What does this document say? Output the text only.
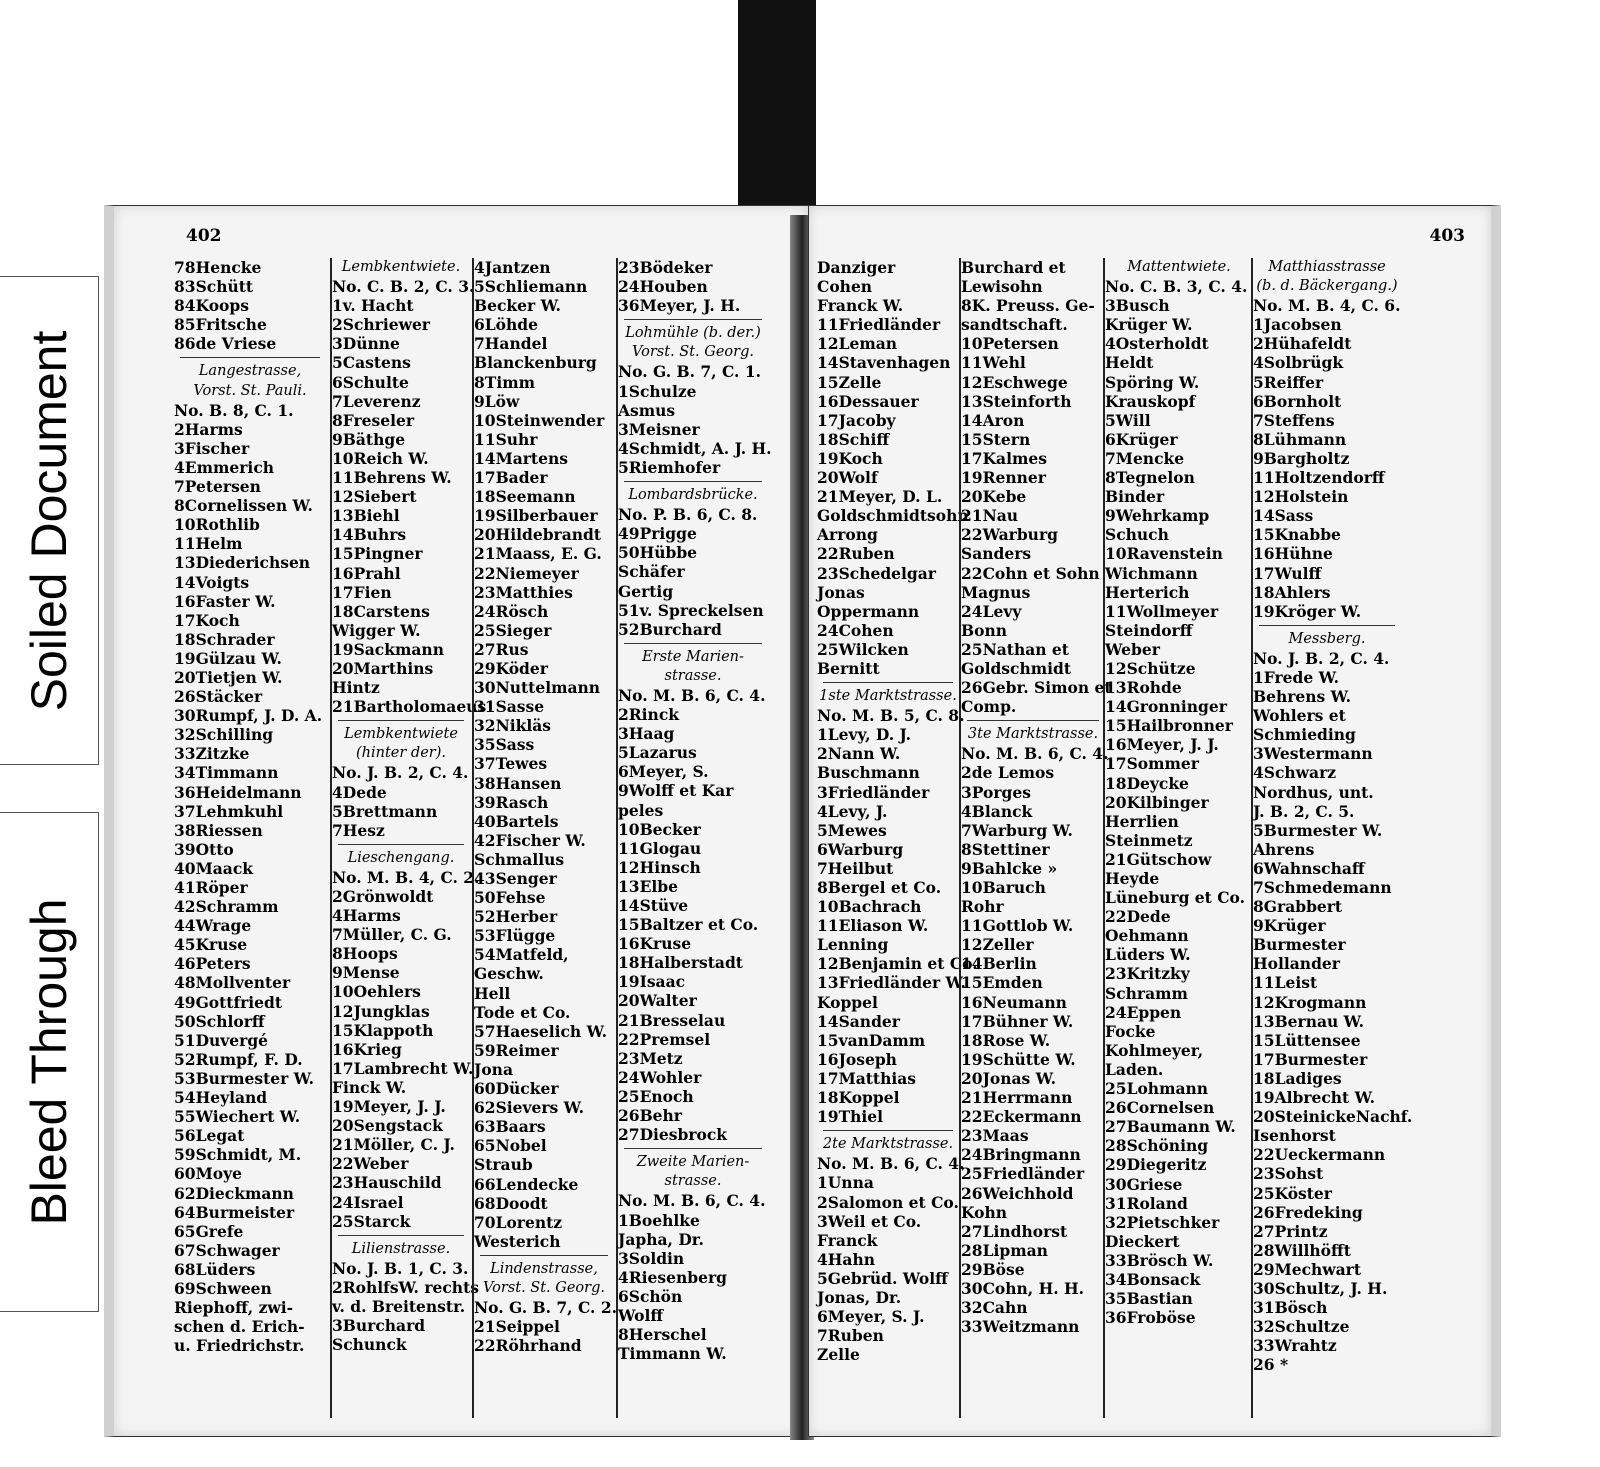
Soiled Document
Bleed Through
402
78Hencke
83Schütt
84Koops
85Fritsche
86de Vriese
Langestrasse,
Vorst. St. Pauli.
No. B. 8, C. 1.
2Harms
3Fischer
4Emmerich
7Petersen
8Cornelissen W.
10Rothlib
11Helm
13Diederichsen
14Voigts
16Faster W.
17Koch
18Schrader
19Gülzau W.
20Tietjen W.
26Stäcker
30Rumpf, J. D. A.
32Schilling
33Zitzke
34Timmann
36Heidelmann
37Lehmkuhl
38Riessen
39Otto
40Maack
41Röper
42Schramm
44Wrage
45Kruse
46Peters
48Mollventer
49Gottfriedt
50Schlorff
51Duvergé
52Rumpf, F. D.
53Burmester W.
54Heyland
55Wiechert W.
56Legat
59Schmidt, M.
60Moye
62Dieckmann
64Burmeister
65Grefe
67Schwager
68Lüders
69Schween
Riephoff, zwi-
schen d. Erich-
u. Friedrichstr.
Lembkentwiete.
No. C. B. 2, C. 3.
1v. Hacht
2Schriewer
3Dünne
5Castens
6Schulte
7Leverenz
8Freseler
9Bäthge
10Reich W.
11Behrens W.
12Siebert
13Biehl
14Buhrs
15Pingner
16Prahl
17Fien
18Carstens
Wigger W.
19Sackmann
20Marthins
Hintz
21Bartholomaeus
Lembkentwiete
(hinter der).
No. J. B. 2, C. 4.
4Dede
5Brettmann
7Hesz
Lieschengang.
No. M. B. 4, C. 2.
2Grönwoldt
4Harms
7Müller, C. G.
8Hoops
9Mense
10Oehlers
12Jungklas
15Klappoth
16Krieg
17Lambrecht W.
Finck W.
19Meyer, J. J.
20Sengstack
21Möller, C. J.
22Weber
23Hauschild
24Israel
25Starck
Lilienstrasse.
No. J. B. 1, C. 3.
2RohlfsW. rechts
v. d. Breitenstr.
3Burchard
Schunck
4Jantzen
5Schliemann
Becker W.
6Löhde
7Handel
Blanckenburg
8Timm
9Löw
10Steinwender
11Suhr
14Martens
17Bader
18Seemann
19Silberbauer
20Hildebrandt
21Maass, E. G.
22Niemeyer
23Matthies
24Rösch
25Sieger
27Rus
29Köder
30Nuttelmann
31Sasse
32Nikläs
35Sass
37Tewes
38Hansen
39Rasch
40Bartels
42Fischer W.
Schmallus
43Senger
50Fehse
52Herber
53Flügge
54Matfeld,
Geschw.
Hell
Tode et Co.
57Haeselich W.
59Reimer
Jona
60Dücker
62Sievers W.
63Baars
65Nobel
Straub
66Lendecke
68Doodt
70Lorentz
Westerich
Lindenstrasse,
Vorst. St. Georg.
No. G. B. 7, C. 2.
21Seippel
22Röhrhand
23Bödeker
24Houben
36Meyer, J. H.
Lohmühle (b. der.)
Vorst. St. Georg.
No. G. B. 7, C. 1.
1Schulze
Asmus
3Meisner
4Schmidt, A. J. H.
5Riemhofer
Lombardsbrücke.
No. P. B. 6, C. 8.
49Prigge
50Hübbe
Schäfer
Gertig
51v. Spreckelsen
52Burchard
Erste Marien-
strasse.
No. M. B. 6, C. 4.
2Rinck
3Haag
5Lazarus
6Meyer, S.
9Wolff et Kar
peles
10Becker
11Glogau
12Hinsch
13Elbe
14Stüve
15Baltzer et Co.
16Kruse
18Halberstadt
19Isaac
20Walter
21Bresselau
22Premsel
23Metz
24Wohler
25Enoch
26Behr
27Diesbrock
Zweite Marien-
strasse.
No. M. B. 6, C. 4.
1Boehlke
Japha, Dr.
3Soldin
4Riesenberg
6Schön
Wolff
8Herschel
Timmann W.
403
Danziger
Cohen
Franck W.
11Friedländer
12Leman
14Stavenhagen
15Zelle
16Dessauer
17Jacoby
18Schiff
19Koch
20Wolf
21Meyer, D. L.
Goldschmidtsohn
Arrong
22Ruben
23Schedelgar
Jonas
Oppermann
24Cohen
25Wilcken
Bernitt
1ste Marktstrasse.
No. M. B. 5, C. 8.
1Levy, D. J.
2Nann W.
Buschmann
3Friedländer
4Levy, J.
5Mewes
6Warburg
7Heilbut
8Bergel et Co.
10Bachrach
11Eliason W.
Lenning
12Benjamin et Co.
13Friedländer W.
Koppel
14Sander
15vanDamm
16Joseph
17Matthias
18Koppel
19Thiel
2te Marktstrasse.
No. M. B. 6, C. 4.
1Unna
2Salomon et Co.
3Weil et Co.
Franck
4Hahn
5Gebrüd. Wolff
Jonas, Dr.
6Meyer, S. J.
7Ruben
Zelle
Burchard et
Lewisohn
8K. Preuss. Ge-
sandtschaft.
10Petersen
11Wehl
12Eschwege
13Steinforth
14Aron
15Stern
17Kalmes
19Renner
20Kebe
21Nau
22Warburg
Sanders
22Cohn et Sohn
Magnus
24Levy
Bonn
25Nathan et
Goldschmidt
26Gebr. Simon et
Comp.
3te Marktstrasse.
No. M. B. 6, C. 4.
2de Lemos
3Porges
4Blanck
7Warburg W.
8Stettiner
9Bahlcke »
10Baruch
Rohr
11Gottlob W.
12Zeller
14Berlin
15Emden
16Neumann
17Bühner W.
18Rose W.
19Schütte W.
20Jonas W.
21Herrmann
22Eckermann
23Maas
24Bringmann
25Friedländer
26Weichhold
Kohn
27Lindhorst
28Lipman
29Böse
30Cohn, H. H.
32Cahn
33Weitzmann
Mattentwiete.
No. C. B. 3, C. 4.
3Busch
Krüger W.
4Osterholdt
Heldt
Spöring W.
Krauskopf
5Will
6Krüger
7Mencke
8Tegnelon
Binder
9Wehrkamp
Schuch
10Ravenstein
Wichmann
Herterich
11Wollmeyer
Steindorff
Weber
12Schütze
13Rohde
14Gronninger
15Hailbronner
16Meyer, J. J.
17Sommer
18Deycke
20Kilbinger
Herrlien
Steinmetz
21Gütschow
Heyde
Lüneburg et Co.
22Dede
Oehmann
Lüders W.
23Kritzky
Schramm
24Eppen
Focke
Kohlmeyer,
Laden.
25Lohmann
26Cornelsen
27Baumann W.
28Schöning
29Diegeritz
30Griese
31Roland
32Pietschker
Dieckert
33Brösch W.
34Bonsack
35Bastian
36Froböse
Matthiasstrasse
(b. d. Bäckergang.)
No. M. B. 4, C. 6.
1Jacobsen
2Hühafeldt
4Solbrügk
5Reiffer
6Bornholt
7Steffens
8Lühmann
9Bargholtz
11Holtzendorff
12Holstein
14Sass
15Knabbe
16Hühne
17Wulff
18Ahlers
19Kröger W.
Messberg.
No. J. B. 2, C. 4.
1Frede W.
Behrens W.
Wohlers et
Schmieding
3Westermann
4Schwarz
Nordhus, unt.
J. B. 2, C. 5.
5Burmester W.
Ahrens
6Wahnschaff
7Schmedemann
8Grabbert
9Krüger
Burmester
Hollander
11Leist
12Krogmann
13Bernau W.
15Lüttensee
17Burmester
18Ladiges
19Albrecht W.
20SteinickeNachf.
Isenhorst
22Ueckermann
23Sohst
25Köster
26Fredeking
27Printz
28Willhöfft
29Mechwart
30Schultz, J. H.
31Bösch
32Schultze
33Wrahtz
26 *
